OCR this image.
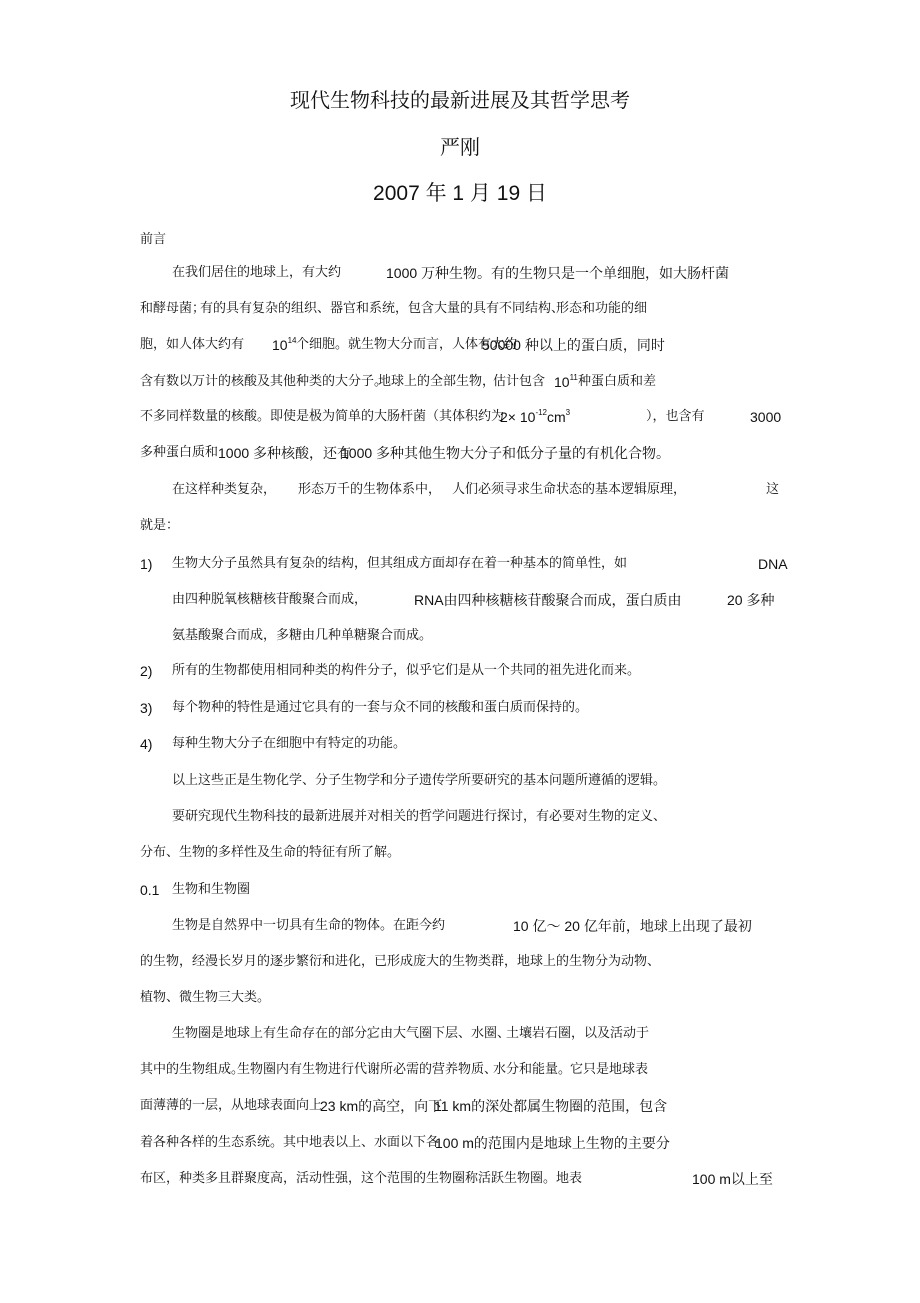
现代生物科技的最新进展及其哲学思考
严刚
2007 年 1 月 19 日
前言
在我们居住的地球上，有大约	1000 万种生物。有的生物只是一个单细胞，如大肠杆菌
和酵母菌；
有的具有复杂的组织、器官和系统，包含大量的具有不同结构、
形态和功能的细
胞，如人体大约有 $10^{14}$ 个细胞。就生物大分而言，人体有大约
50000 种以上的蛋白质，同时
含有数以万计的核酸及其他种类的大分子。
地球上的全部生物，
估计包含 $10^{11}$ 种蛋白质和差
不多同样数量的核酸。即使是极为简单的大肠杆菌（其体积约为
$2\times 10^{-12}cm^3$	），也含有	3000
多种蛋白质和 1000 多种核酸，还有
1000 多种其他生物大分子和低分子量的有机化合物。
在这样种类复杂， 形态万千的生物体系中， 人们必须寻求生命状态的基本逻辑原理，	这
就是：
1) 生物大分子虽然具有复杂的结构，但其组成方面却存在着一种基本的简单性，如	DNA
由四种脱氧核糖核苷酸聚合而成，	RNA由四种核糖核苷酸聚合而成，蛋白质由	20 多种
氨基酸聚合而成，多糖由几种单糖聚合而成。
2) 所有的生物都使用相同种类的构件分子，似乎它们是从一个共同的祖先进化而来。
3) 每个物种的特性是通过它具有的一套与众不同的核酸和蛋白质而保持的。
4) 每种生物大分子在细胞中有特定的功能。
以上这些正是生物化学、分子生物学和分子遗传学所要研究的基本问题所遵循的逻辑。
要研究现代生物科技的最新进展并对相关的哲学问题进行探讨，有必要对生物的定义、
分布、生物的多样性及生命的特征有所了解。
0.1 生物和生物圈
生物是自然界中一切具有生命的物体。在距今约	10 亿～ 20 亿年前，地球上出现了最初
的生物，经漫长岁月的逐步繁衍和进化，已形成庞大的生物类群，地球上的生物分为动物、
植物、微生物三大类。
生物圈是地球上有生命存在的部分。
它由大气圈下层、水圈、
土壤岩石圈，以及活动于
其中的生物组成。
生物圈内有生物进行代谢所必需的营养物质、
水分和能量。
它只是地球表
面薄薄的一层，从地球表面向上
23 km的高空，向下
11 km的深处都属生物圈的范围，包含
着各种各样的生态系统。其中地表以上、水面以下各
100 m的范围内是地球上生物的主要分
布区，种类多且群聚度高，活动性强，这个范围的生物圈称活跃生物圈。地表	100 m以上至
